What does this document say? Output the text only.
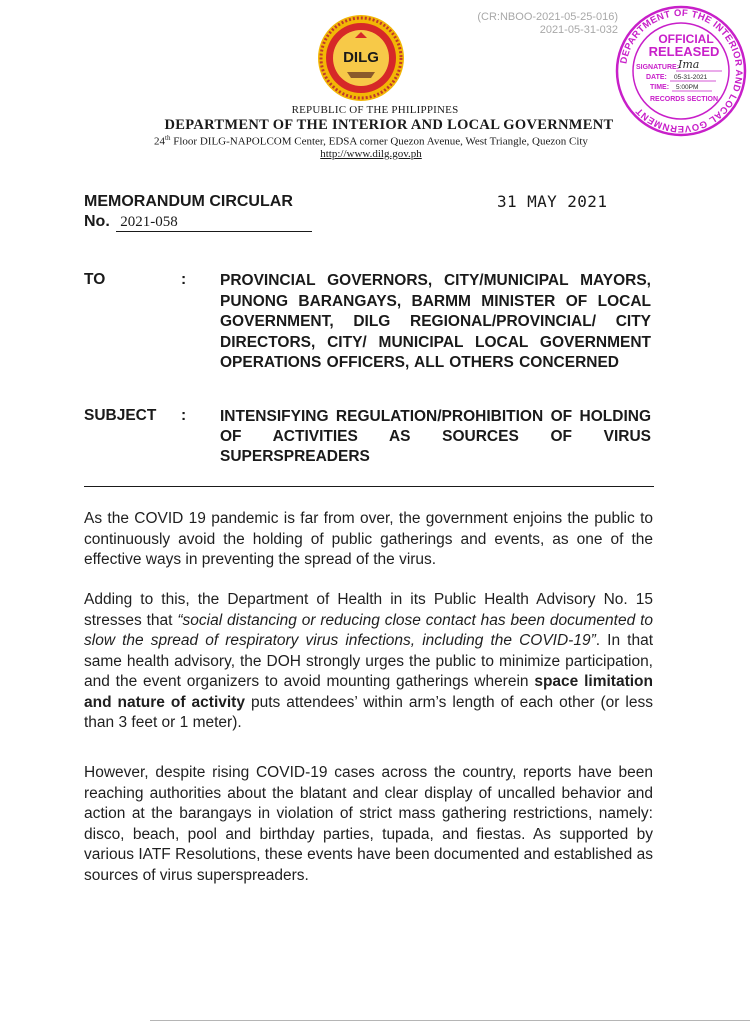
(CR:NBOO-2021-05-25-016)
2021-05-31-032
DILG	DEPARTMENT OF THE INTERIOR AND LOCAL GOVERNMENT
OFFICIAL
RELEASED
SIGNATURE:
Ima
DATE: 05-31-2021
TIME: 5:00PM
RECORDS SECTION
REPUBLIC OF THE PHILIPPINES
DEPARTMENT OF THE INTERIOR AND LOCAL GOVERNMENT
24th Floor DILG-NAPOLCOM Center, EDSA corner Quezon Avenue, West Triangle, Quezon City
http://www.dilg.gov.ph
MEMORANDUM CIRCULAR
No. 2021-058
31 MAY 2021
TO	: PROVINCIAL GOVERNORS, CITY/MUNICIPAL MAYORS, PUNONG BARANGAYS, BARMM MINISTER OF LOCAL GOVERNMENT, DILG REGIONAL/PROVINCIAL/ CITY DIRECTORS, CITY/ MUNICIPAL LOCAL GOVERNMENT OPERATIONS OFFICERS, ALL OTHERS CONCERNED
SUBJECT : INTENSIFYING REGULATION/PROHIBITION OF HOLDING OF ACTIVITIES AS SOURCES OF VIRUS SUPERSPREADERS
As the COVID 19 pandemic is far from over, the government enjoins the public to continuously avoid the holding of public gatherings and events, as one of the effective ways in preventing the spread of the virus.
Adding to this, the Department of Health in its Public Health Advisory No. 15 stresses that “social distancing or reducing close contact has been documented to slow the spread of respiratory virus infections, including the COVID-19”. In that same health advisory, the DOH strongly urges the public to minimize participation, and the event organizers to avoid mounting gatherings wherein space limitation and nature of activity puts attendees’ within arm’s length of each other (or less than 3 feet or 1 meter).
However, despite rising COVID-19 cases across the country, reports have been reaching authorities about the blatant and clear display of uncalled behavior and action at the barangays in violation of strict mass gathering restrictions, namely: disco, beach, pool and birthday parties, tupada, and fiestas. As supported by various IATF Resolutions, these events have been documented and established as sources of virus superspreaders.
